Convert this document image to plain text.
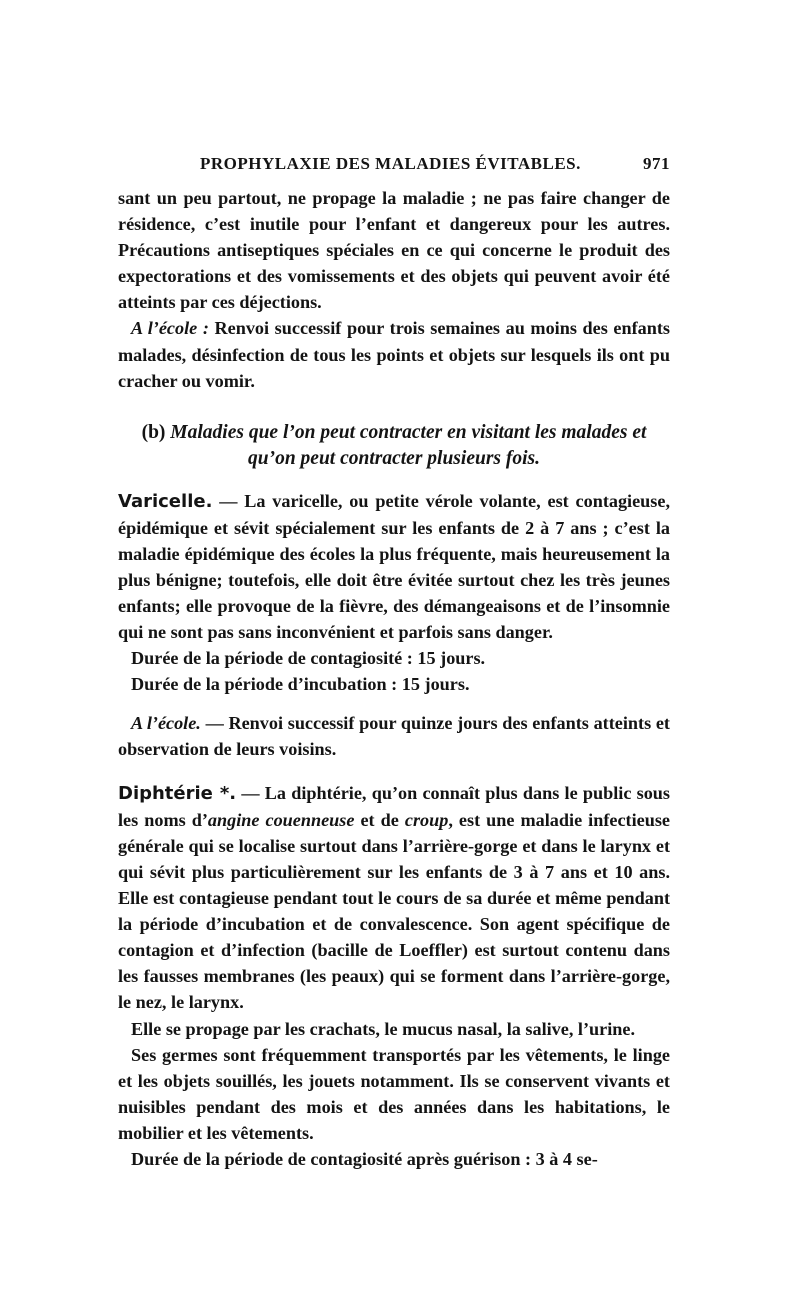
PROPHYLAXIE DES MALADIES ÉVITABLES.	971

sant un peu partout, ne propage la maladie ; ne pas faire changer de résidence, c’est inutile pour l’enfant et dangereux pour les autres. Précautions antiseptiques spéciales en ce qui concerne le produit des expectorations et des vomissements et des objets qui peuvent avoir été atteints par ces déjections.

A l’école : Renvoi successif pour trois semaines au moins des enfants malades, désinfection de tous les points et objets sur lesquels ils ont pu cracher ou vomir.

(b) Maladies que l’on peut contracter en visitant les malades et
qu’on peut contracter plusieurs fois.

Varicelle. — La varicelle, ou petite vérole volante, est contagieuse, épidémique et sévit spécialement sur les enfants de 2 à 7 ans ; c’est la maladie épidémique des écoles la plus fréquente, mais heureusement la plus bénigne; toutefois, elle doit être évitée surtout chez les très jeunes enfants; elle provoque de la fièvre, des démangeaisons et de l’insomnie qui ne sont pas sans inconvénient et parfois sans danger.

Durée de la période de contagiosité : 15 jours.

Durée de la période d’incubation : 15 jours.

A l’école. — Renvoi successif pour quinze jours des enfants atteints et observation de leurs voisins.

Diphtérie *. — La diphtérie, qu’on connaît plus dans le public sous les noms d’angine couenneuse et de croup, est une maladie infectieuse générale qui se localise surtout dans l’arrière-gorge et dans le larynx et qui sévit plus particulièrement sur les enfants de 3 à 7 ans et 10 ans. Elle est contagieuse pendant tout le cours de sa durée et même pendant la période d’incubation et de convalescence. Son agent spécifique de contagion et d’infection (bacille de Loeffler) est surtout contenu dans les fausses membranes (les peaux) qui se forment dans l’arrière-gorge, le nez, le larynx.

Elle se propage par les crachats, le mucus nasal, la salive, l’urine.

Ses germes sont fréquemment transportés par les vêtements, le linge et les objets souillés, les jouets notamment. Ils se conservent vivants et nuisibles pendant des mois et des années dans les habitations, le mobilier et les vêtements.

Durée de la période de contagiosité après guérison : 3 à 4 se-
